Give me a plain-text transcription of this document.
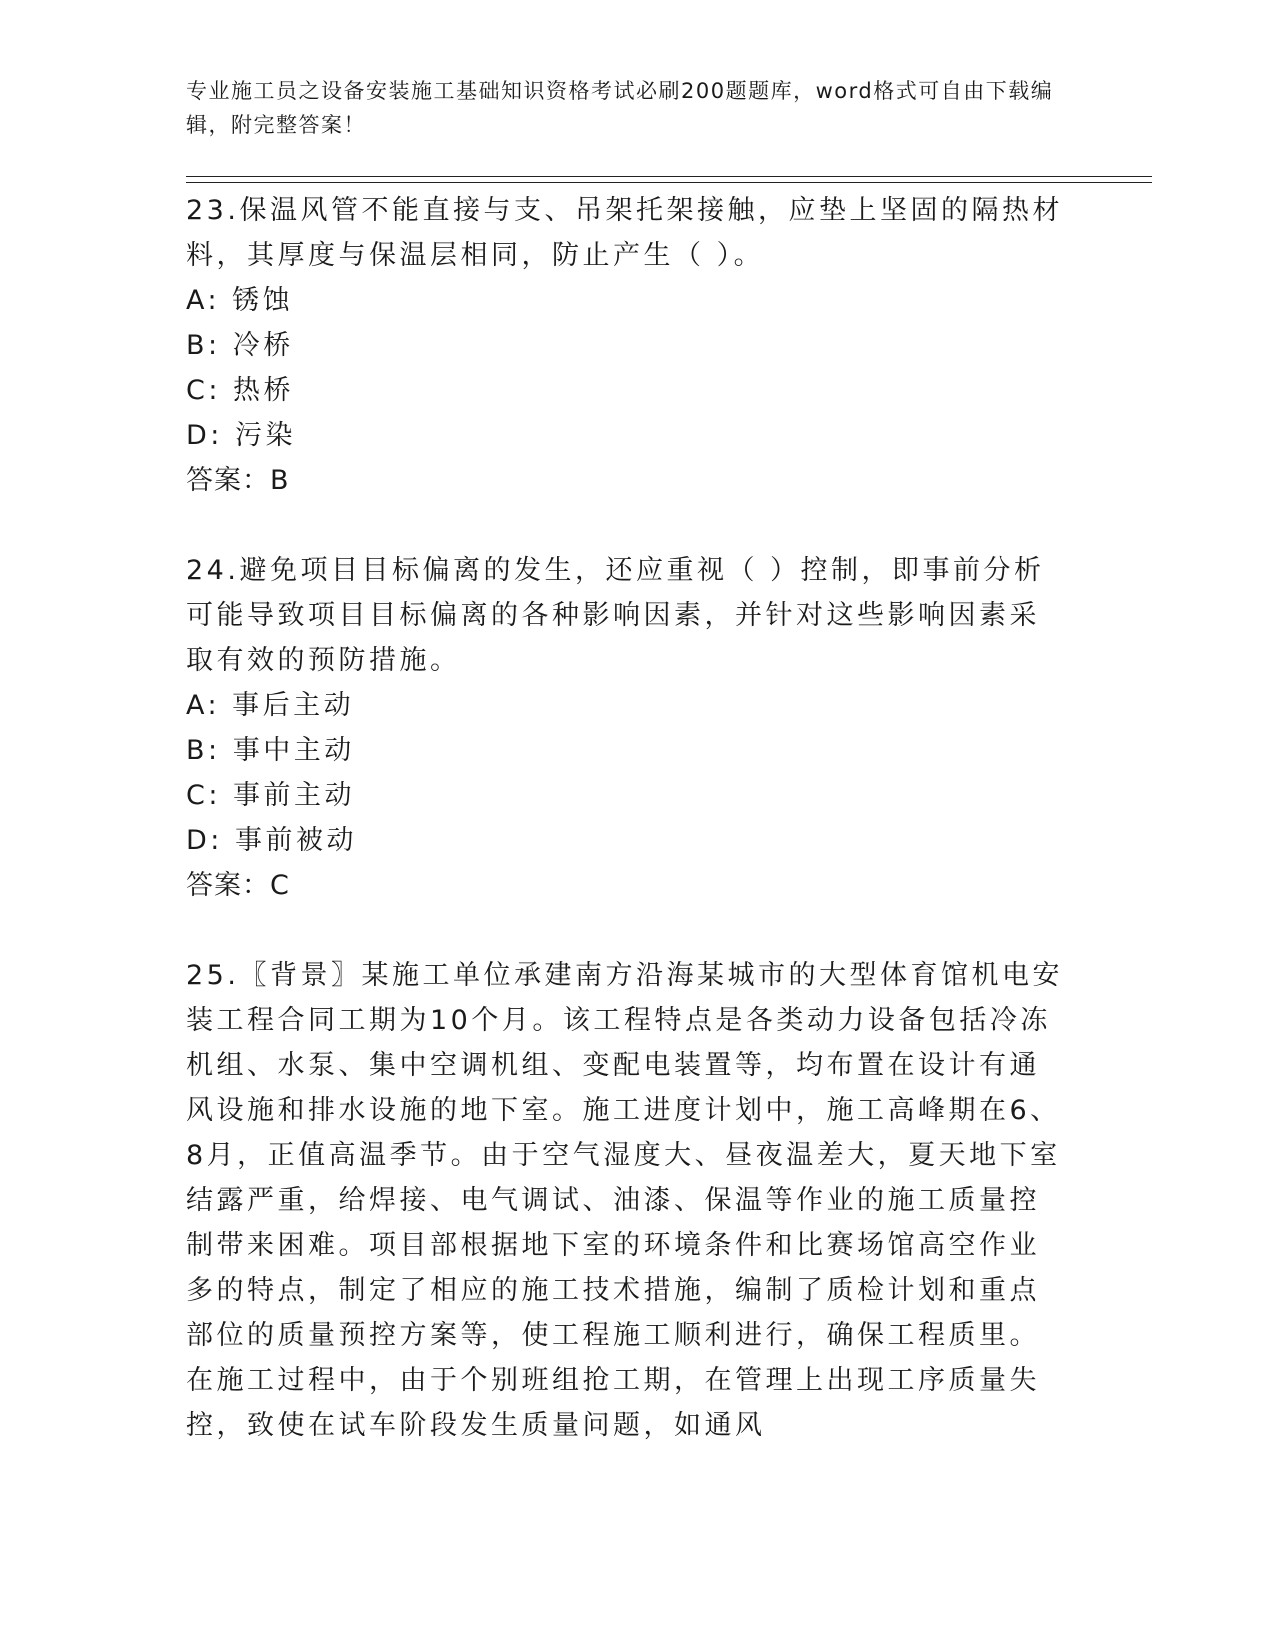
专业施工员之设备安装施工基础知识资格考试必刷200题题库，word格式可自由下载编辑，附完整答案！

23.保温风管不能直接与支、吊架托架接触，应垫上坚固的隔热材料，其厚度与保温层相同，防止产生（ ）。

A: 锈蚀

B: 冷桥

C: 热桥

D: 污染

答案：B

24.避免项目目标偏离的发生，还应重视（ ）控制，即事前分析可能导致项目目标偏离的各种影响因素，并针对这些影响因素采取有效的预防措施。

A: 事后主动

B: 事中主动

C: 事前主动

D: 事前被动

答案：C

25.〖背景〗某施工单位承建南方沿海某城市的大型体育馆机电安装工程合同工期为10个月。该工程特点是各类动力设备包括冷冻机组、水泵、集中空调机组、变配电装置等，均布置在设计有通风设施和排水设施的地下室。施工进度计划中，施工高峰期在6、8月，正值高温季节。由于空气湿度大、昼夜温差大，夏天地下室结露严重，给焊接、电气调试、油漆、保温等作业的施工质量控制带来困难。项目部根据地下室的环境条件和比赛场馆高空作业多的特点，制定了相应的施工技术措施，编制了质检计划和重点部位的质量预控方案等，使工程施工顺利进行，确保工程质里。在施工过程中，由于个别班组抢工期，在管理上出现工序质量失控，致使在试车阶段发生质量问题，如通风
